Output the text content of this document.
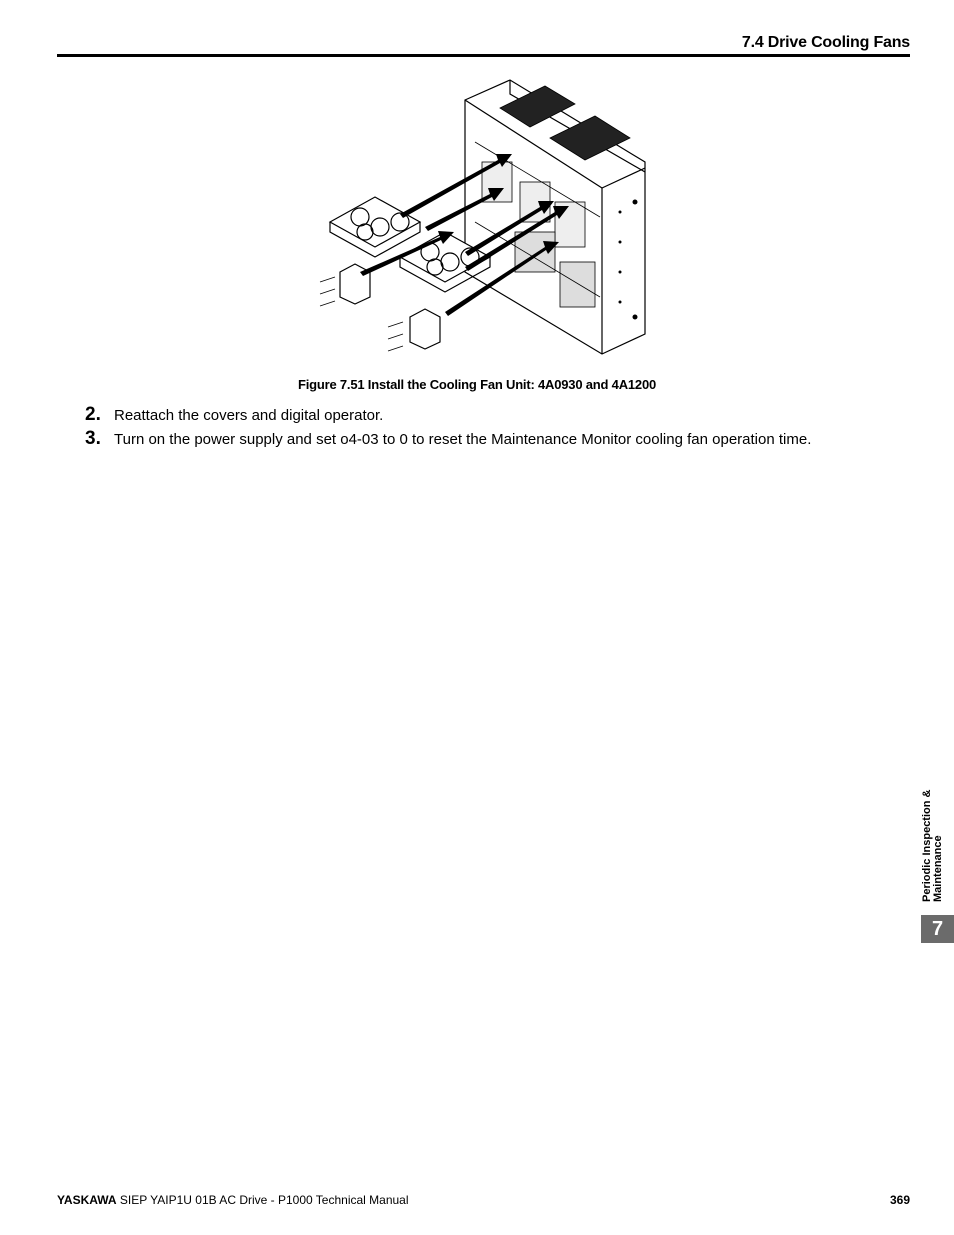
7.4 Drive Cooling Fans
Figure 7.51 Install the Cooling Fan Unit: 4A0930 and 4A1200
2. Reattach the covers and digital operator.
3. Turn on the power supply and set o4-03 to 0 to reset the Maintenance Monitor cooling fan operation time.
Periodic Inspection & Maintenance
7
YASKAWA SIEP YAIP1U 01B AC Drive - P1000 Technical Manual	369
